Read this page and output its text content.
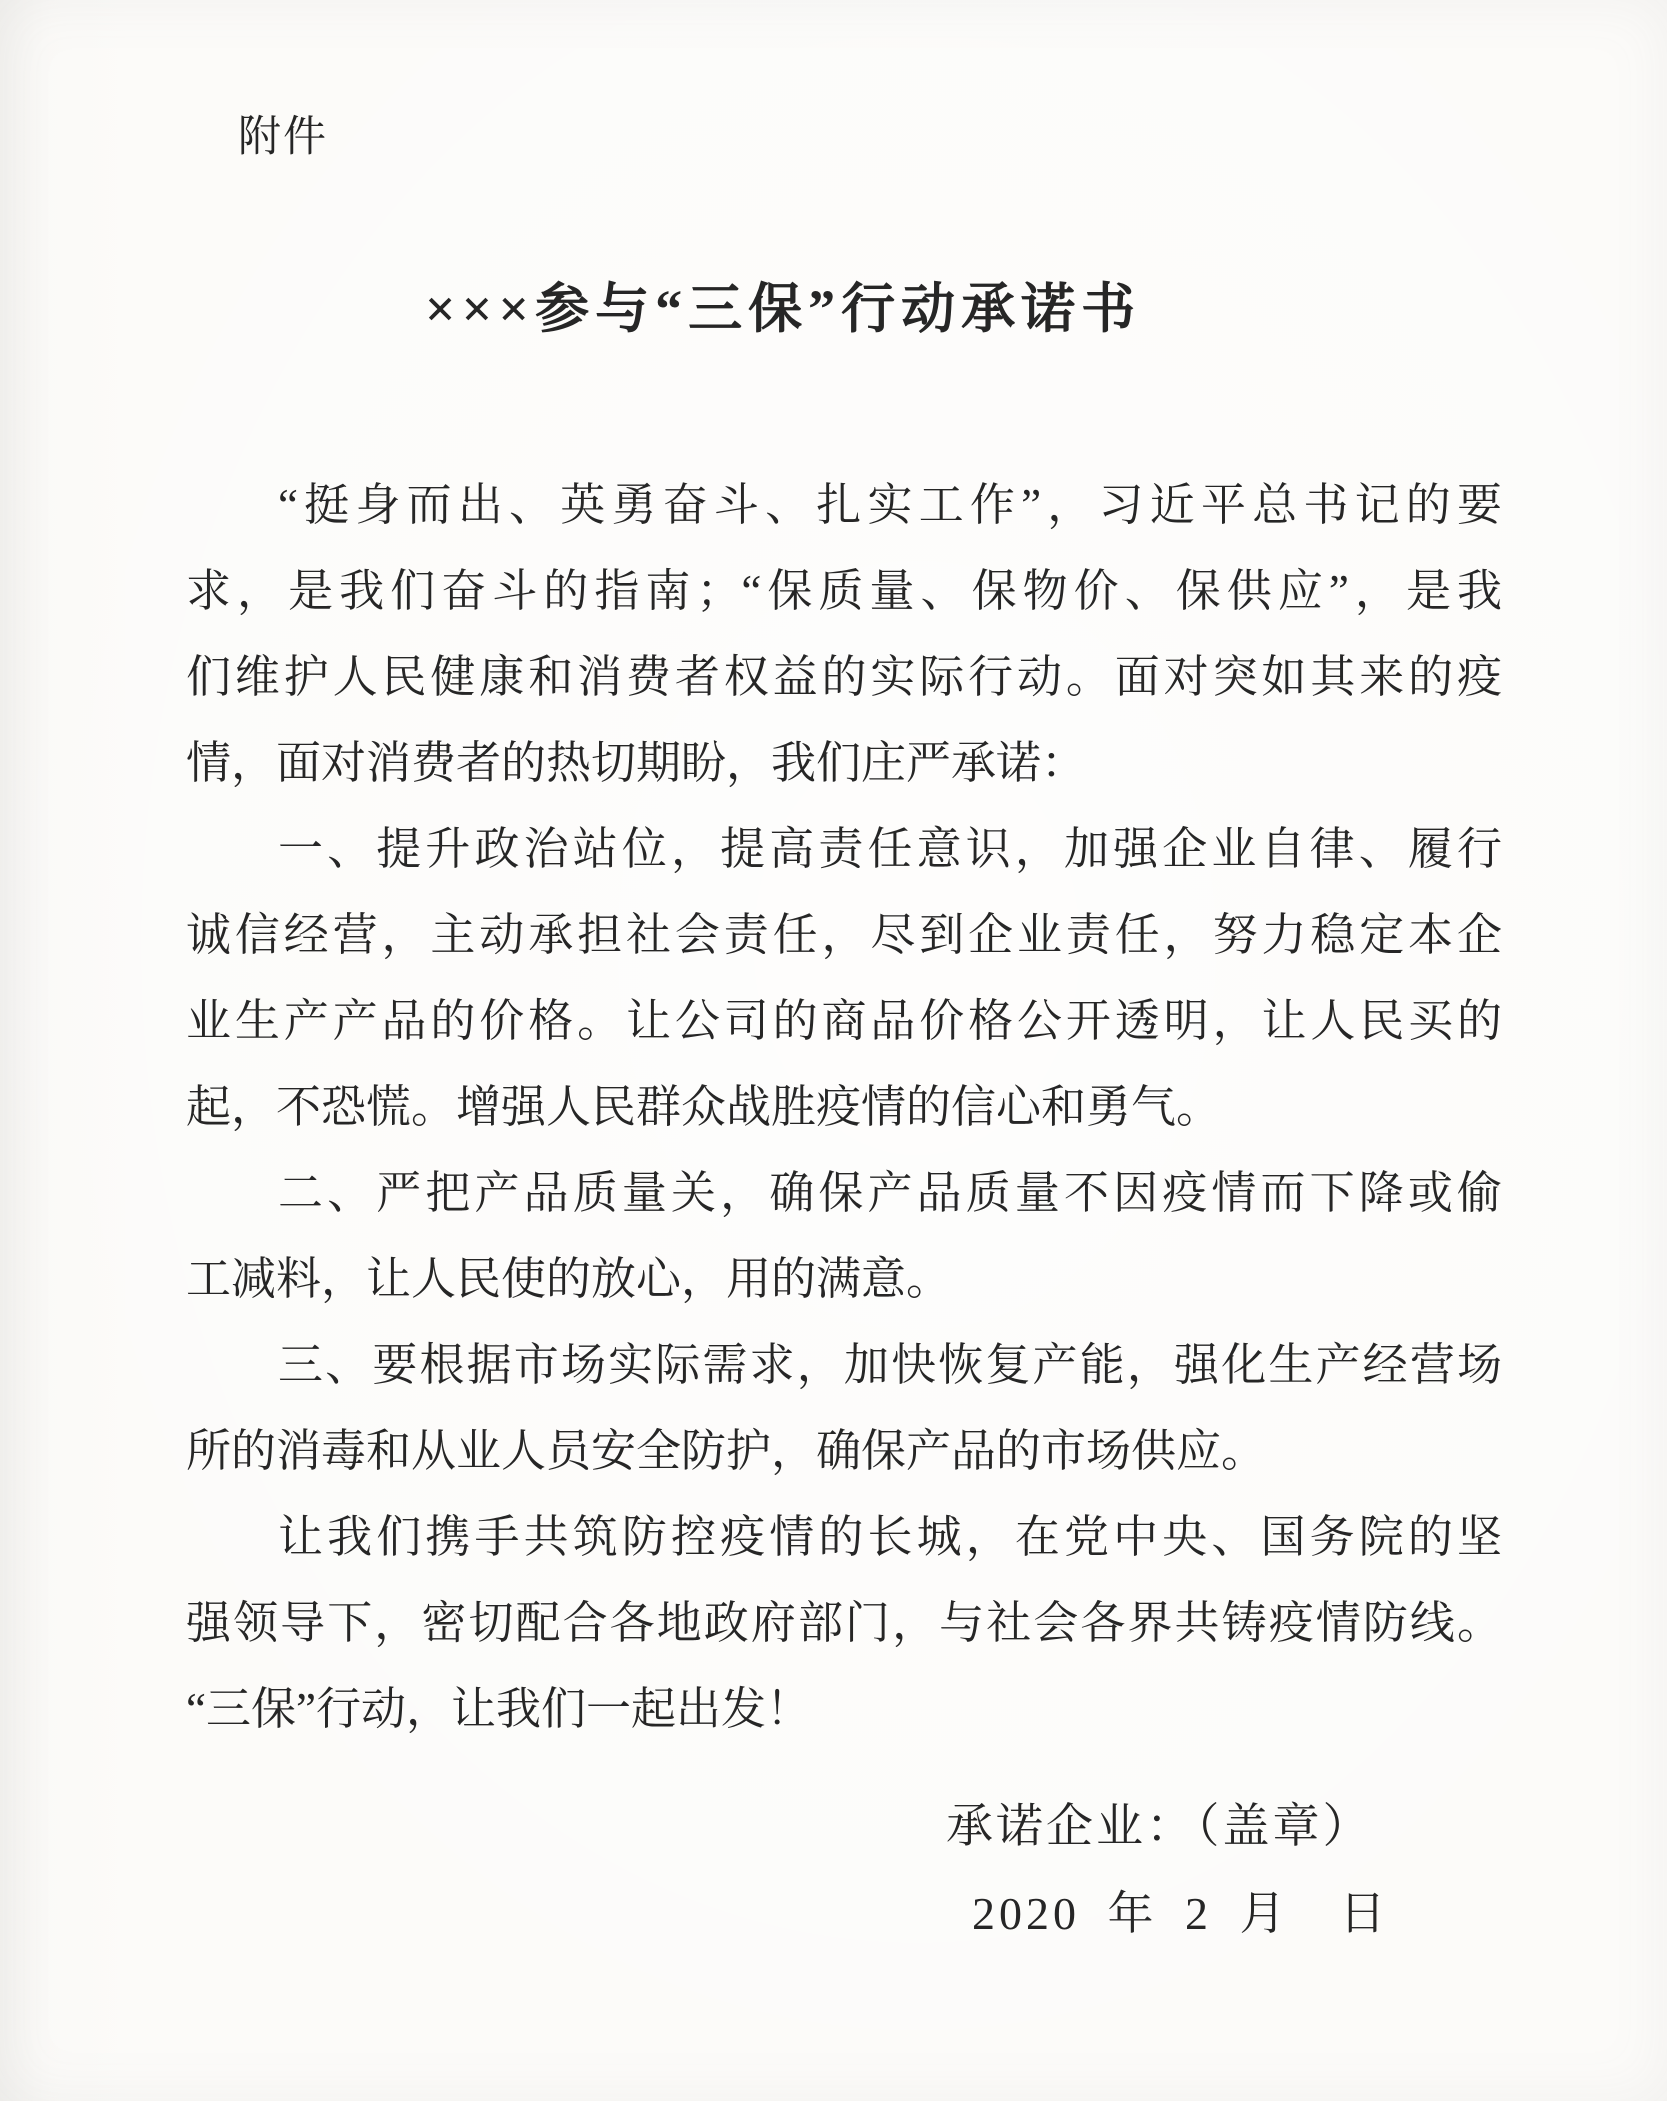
附件
×××参与“三保”行动承诺书
“挺身而出、英勇奋斗、扎实工作”，习近平总书记的要
求，是我们奋斗的指南；“保质量、保物价、保供应”，是我
们维护人民健康和消费者权益的实际行动。面对突如其来的疫
情，面对消费者的热切期盼，我们庄严承诺：
一、提升政治站位，提高责任意识，加强企业自律、履行
诚信经营，主动承担社会责任，尽到企业责任，努力稳定本企
业生产产品的价格。让公司的商品价格公开透明，让人民买的
起，不恐慌。增强人民群众战胜疫情的信心和勇气。
二、严把产品质量关，确保产品质量不因疫情而下降或偷
工减料，让人民使的放心，用的满意。
三、要根据市场实际需求，加快恢复产能，强化生产经营场
所的消毒和从业人员安全防护，确保产品的市场供应。
让我们携手共筑防控疫情的长城，在党中央、国务院的坚
强领导下，密切配合各地政府部门，与社会各界共铸疫情防线。
“三保”行动，让我们一起出发！
承诺企业：（盖章）
2020 年 2 月　日
